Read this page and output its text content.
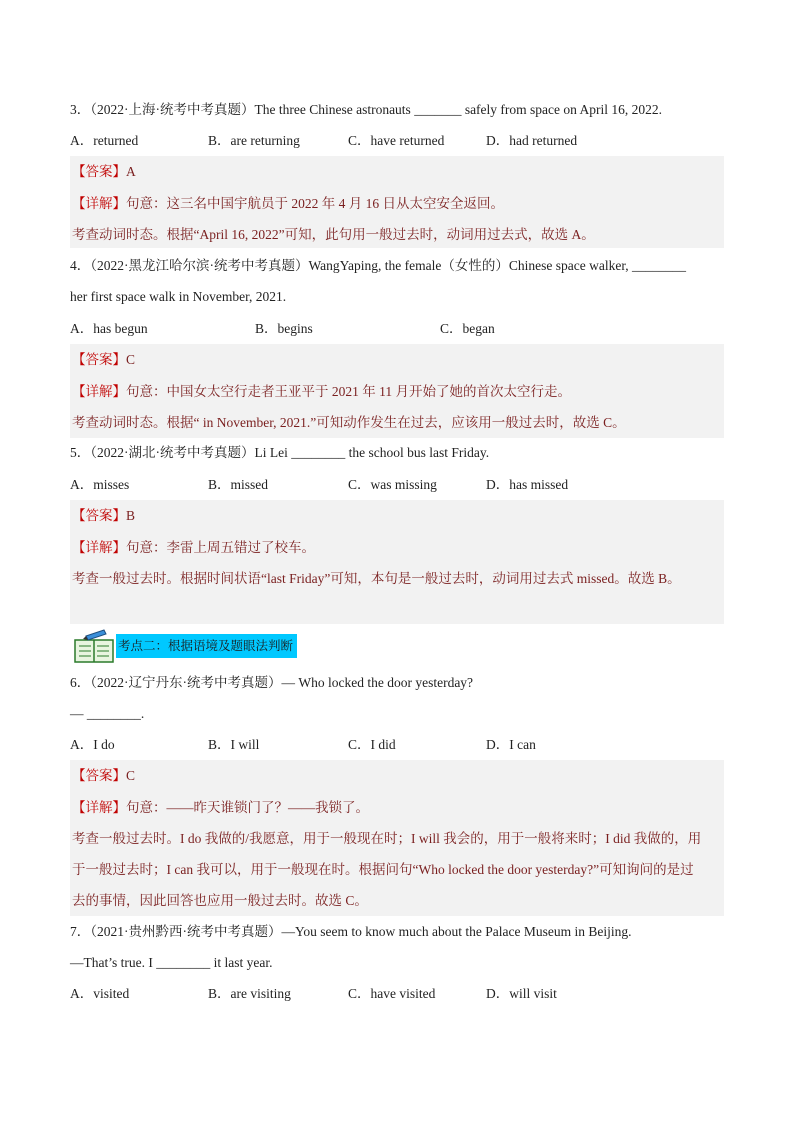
3．（2022·上海·统考中考真题）The three Chinese astronauts _______ safely from space on April 16, 2022.
A．returned	B．are returning	C．have returned	D．had returned
【答案】A
【详解】句意：这三名中国宇航员于 2022 年 4 月 16 日从太空安全返回。
考查动词时态。根据“April 16, 2022”可知，此句用一般过去时，动词用过去式，故选 A。
4．（2022·黑龙江哈尔滨·统考中考真题）WangYaping, the female（女性的）Chinese space walker, ________
her first space walk in November, 2021.
A．has begun	B．begins	C．began
【答案】C
【详解】句意：中国女太空行走者王亚平于 2021 年 11 月开始了她的首次太空行走。
考查动词时态。根据“ in November, 2021.”可知动作发生在过去，应该用一般过去时，故选 C。
5．（2022·湖北·统考中考真题）Li Lei ________ the school bus last Friday.
A．misses	B．missed	C．was missing	D．has missed
【答案】B
【详解】句意：李雷上周五错过了校车。
考查一般过去时。根据时间状语“last Friday”可知，本句是一般过去时，动词用过去式 missed。故选 B。
考点二：根据语境及题眼法判断
6．（2022·辽宁丹东·统考中考真题）— Who locked the door yesterday?
— ________.
A．I do	B．I will	C．I did	D．I can
【答案】C
【详解】句意：——昨天谁锁门了？——我锁了。
考查一般过去时。I do 我做的/我愿意，用于一般现在时；I will 我会的，用于一般将来时；I did 我做的，用
于一般过去时；I can 我可以，用于一般现在时。根据问句“Who locked the door yesterday?”可知询问的是过
去的事情，因此回答也应用一般过去时。故选 C。
7．（2021·贵州黔西·统考中考真题）—You seem to know much about the Palace Museum in Beijing.
—That’s true. I ________ it last year.
A．visited	B．are visiting	C．have visited	D．will visit
